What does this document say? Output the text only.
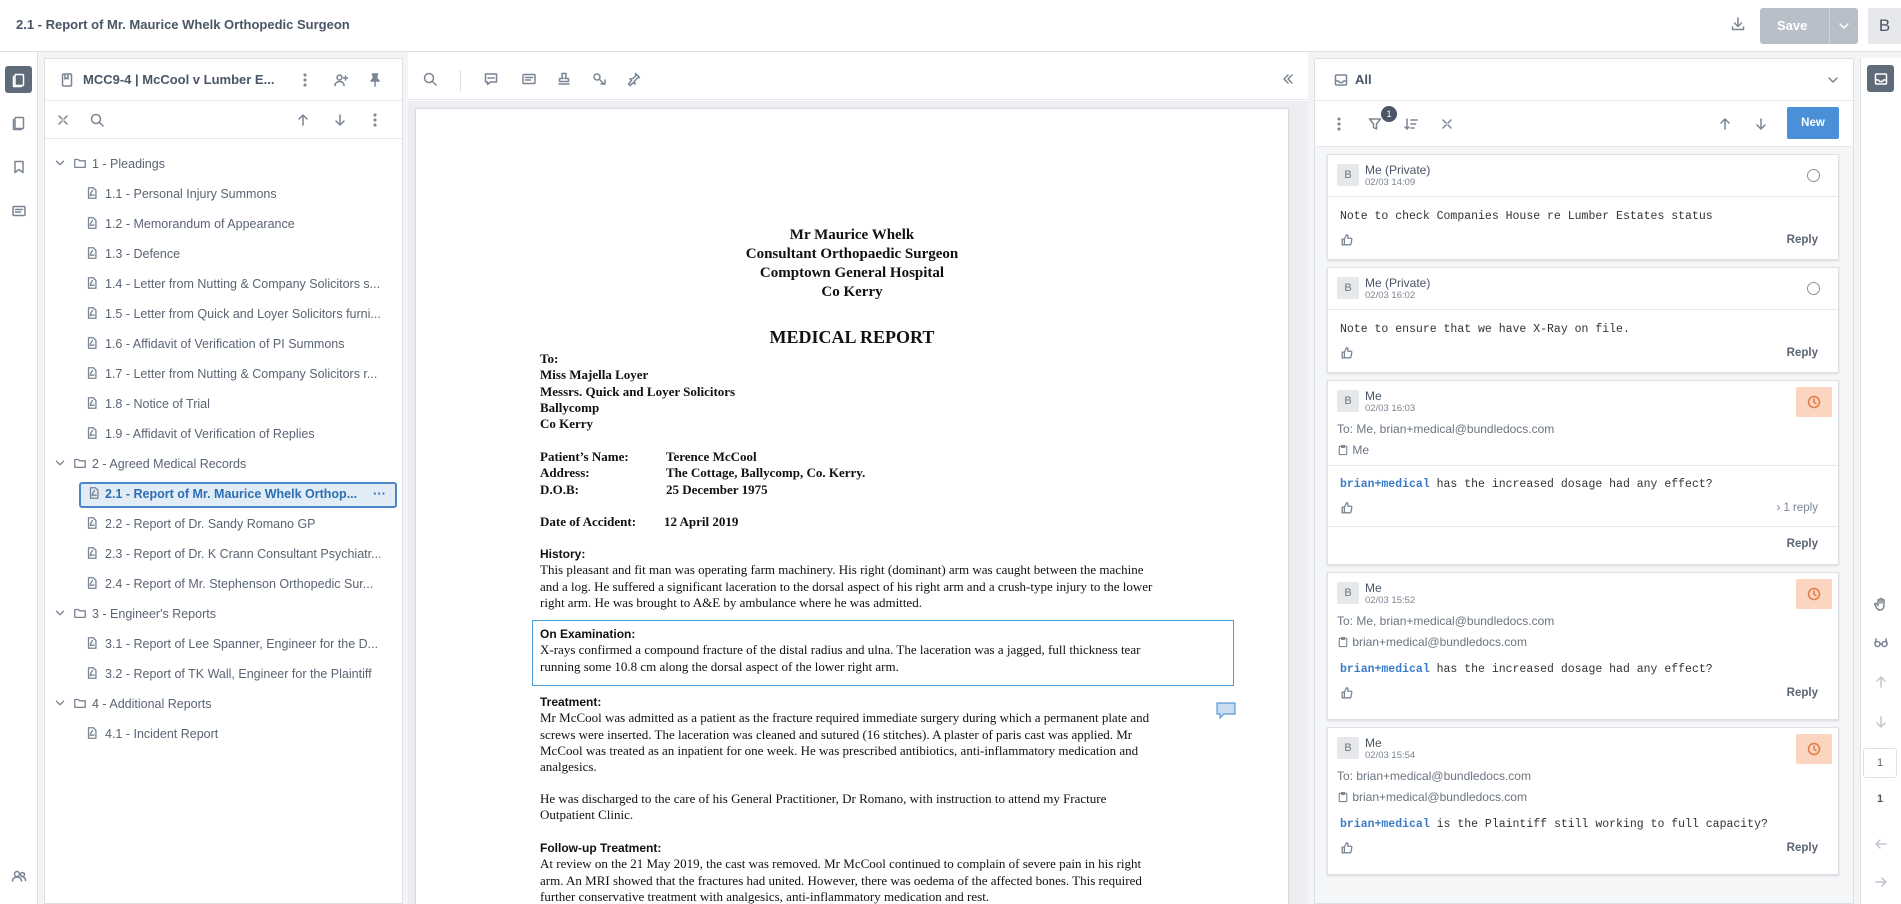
2.1 - Report of Mr. Maurice Whelk Orthopedic Surgeon	Save	B
MCC9-4 | McCool v Lumber E...
1 - Pleadings
1.1 - Personal Injury Summons
1.2 - Memorandum of Appearance
1.3 - Defence
1.4 - Letter from Nutting & Company Solicitors s...
1.5 - Letter from Quick and Loyer Solicitors furni...
1.6 - Affidavit of Verification of PI Summons
1.7 - Letter from Nutting & Company Solicitors r...
1.8 - Notice of Trial
1.9 - Affidavit of Verification of Replies
2 - Agreed Medical Records
2.1 - Report of Mr. Maurice Whelk Orthop... ···
2.2 - Report of Dr. Sandy Romano GP
2.3 - Report of Dr. K Crann Consultant Psychiatr...
2.4 - Report of Mr. Stephenson Orthopedic Sur...
3 - Engineer's Reports
3.1 - Report of Lee Spanner, Engineer for the D...
3.2 - Report of TK Wall, Engineer for the Plaintiff
4 - Additional Reports
4.1 - Incident Report
Mr Maurice Whelk
Consultant Orthopaedic Surgeon
Comptown General Hospital
Co Kerry
MEDICAL REPORT
To:
Miss Majella Loyer
Messrs. Quick and Loyer Solicitors
Ballycomp
Co Kerry
Patient’s Name:	Terence McCool
Address:	The Cottage, Ballycomp, Co. Kerry.
D.O.B:	25 December 1975
Date of Accident: 12 April 2019
History:
This pleasant and fit man was operating farm machinery. His right (dominant) arm was caught between the machine
and a log. He suffered a significant laceration to the dorsal aspect of his right arm and a crush-type injury to the lower
right arm. He was brought to A&E by ambulance where he was admitted.
On Examination:
X-rays confirmed a compound fracture of the distal radius and ulna. The laceration was a jagged, full thickness tear
running some 10.8 cm along the dorsal aspect of the lower right arm.
Treatment:
Mr McCool was admitted as a patient as the fracture required immediate surgery during which a permanent plate and
screws were inserted. The laceration was cleaned and sutured (16 stitches). A plaster of paris cast was applied. Mr
McCool was treated as an inpatient for one week. He was prescribed antibiotics, anti-inflammatory medication and
analgesics.
He was discharged to the care of his General Practitioner, Dr Romano, with instruction to attend my Fracture
Outpatient Clinic.
Follow-up Treatment:
At review on the 21 May 2019, the cast was removed. Mr McCool continued to complain of severe pain in his right
arm. An MRI showed that the fractures had united. However, there was oedema of the affected bones. This required
further conservative treatment with analgesics, anti-inflammatory medication and rest.
All
1
New
B	Me (Private)
02/03 14:09
Note to check Companies House re Lumber Estates status
Reply
B	Me (Private)
02/03 16:02
Note to ensure that we have X-Ray on file.
Reply
B	Me
02/03 16:03
To: Me, brian+medical@bundledocs.com
Me
brian+medical has the increased dosage had any effect?
› 1 reply
Reply
B	Me
02/03 15:52
To: Me, brian+medical@bundledocs.com
brian+medical@bundledocs.com
brian+medical has the increased dosage had any effect?
Reply
B	Me
02/03 15:54
To: brian+medical@bundledocs.com
brian+medical@bundledocs.com
brian+medical is the Plaintiff still working to full capacity?
Reply
1
1
